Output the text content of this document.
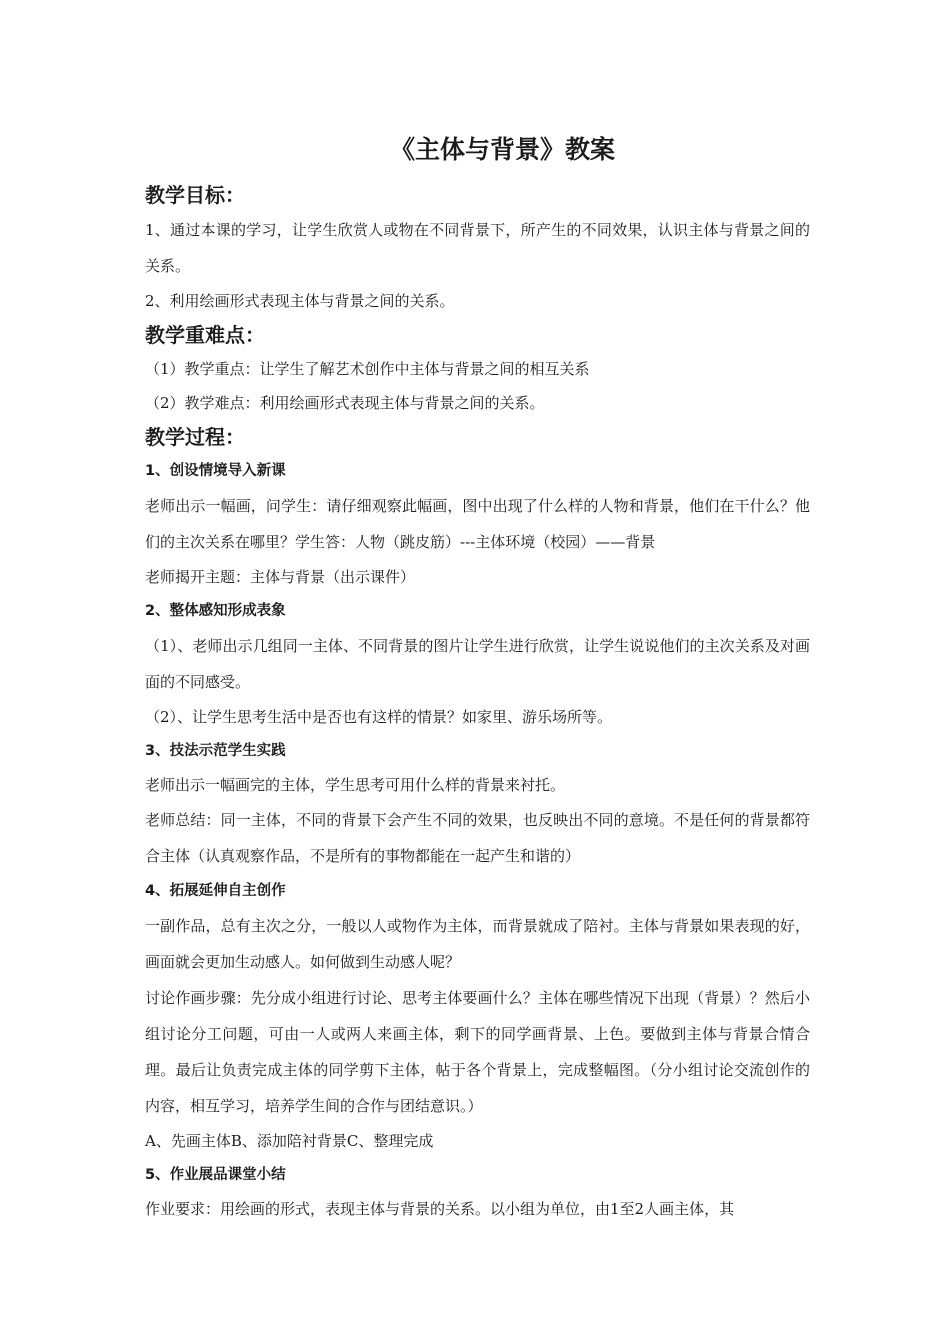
《主体与背景》教案
教学目标：
1、通过本课的学习，让学生欣赏人或物在不同背景下，所产生的不同效果，认识主体与背景之间的关系。
2、利用绘画形式表现主体与背景之间的关系。
教学重难点：
（1）教学重点：让学生了解艺术创作中主体与背景之间的相互关系
（2）教学难点：利用绘画形式表现主体与背景之间的关系。
教学过程：
1、创设情境导入新课
老师出示一幅画，问学生：请仔细观察此幅画，图中出现了什么样的人物和背景，他们在干什么？他们的主次关系在哪里？学生答：人物（跳皮筋）---主体环境（校园）——背景
老师揭开主题：主体与背景（出示课件）
2、整体感知形成表象
（1）、老师出示几组同一主体、不同背景的图片让学生进行欣赏，让学生说说他们的主次关系及对画面的不同感受。
（2）、让学生思考生活中是否也有这样的情景？如家里、游乐场所等。
3、技法示范学生实践
老师出示一幅画完的主体，学生思考可用什么样的背景来衬托。
老师总结：同一主体，不同的背景下会产生不同的效果，也反映出不同的意境。不是任何的背景都符合主体（认真观察作品，不是所有的事物都能在一起产生和谐的）
4、拓展延伸自主创作
一副作品，总有主次之分，一般以人或物作为主体，而背景就成了陪衬。主体与背景如果表现的好，画面就会更加生动感人。如何做到生动感人呢？
讨论作画步骤：先分成小组进行讨论、思考主体要画什么？主体在哪些情况下出现（背景）？然后小组讨论分工问题，可由一人或两人来画主体，剩下的同学画背景、上色。要做到主体与背景合情合理。最后让负责完成主体的同学剪下主体，帖于各个背景上，完成整幅图。（分小组讨论交流创作的内容，相互学习，培养学生间的合作与团结意识。）
A、先画主体B、添加陪衬背景C、整理完成
5、作业展品课堂小结
作业要求：用绘画的形式，表现主体与背景的关系。以小组为单位，由1至2人画主体，其
